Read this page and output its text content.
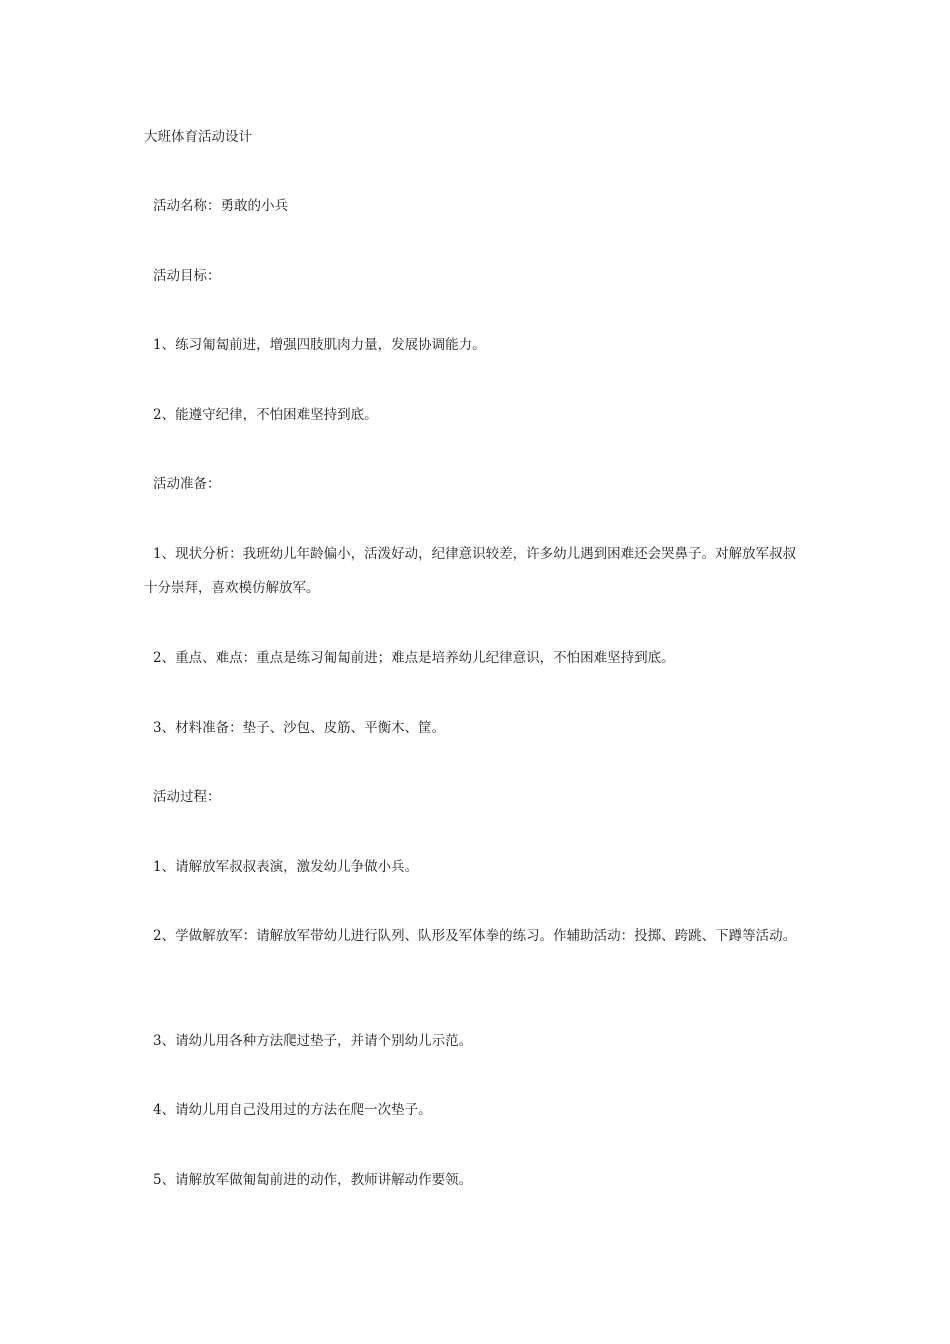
大班体育活动设计
活动名称：勇敢的小兵
活动目标：
1、练习匍匐前进，增强四肢肌肉力量，发展协调能力。
2、能遵守纪律，不怕困难坚持到底。
活动准备：
1、现状分析：我班幼儿年龄偏小，活泼好动，纪律意识较差，许多幼儿遇到困难还会哭鼻子。对解放军叔叔十分崇拜，喜欢模仿解放军。
2、重点、难点：重点是练习匍匐前进；难点是培养幼儿纪律意识，不怕困难坚持到底。
3、材料准备：垫子、沙包、皮筋、平衡木、筐。
活动过程：
1、请解放军叔叔表演，激发幼儿争做小兵。
2、学做解放军：请解放军带幼儿进行队列、队形及军体拳的练习。作辅助活动：投掷、跨跳、下蹲等活动。
3、请幼儿用各种方法爬过垫子，并请个别幼儿示范。
4、请幼儿用自己没用过的方法在爬一次垫子。
5、请解放军做匍匐前进的动作，教师讲解动作要领。
